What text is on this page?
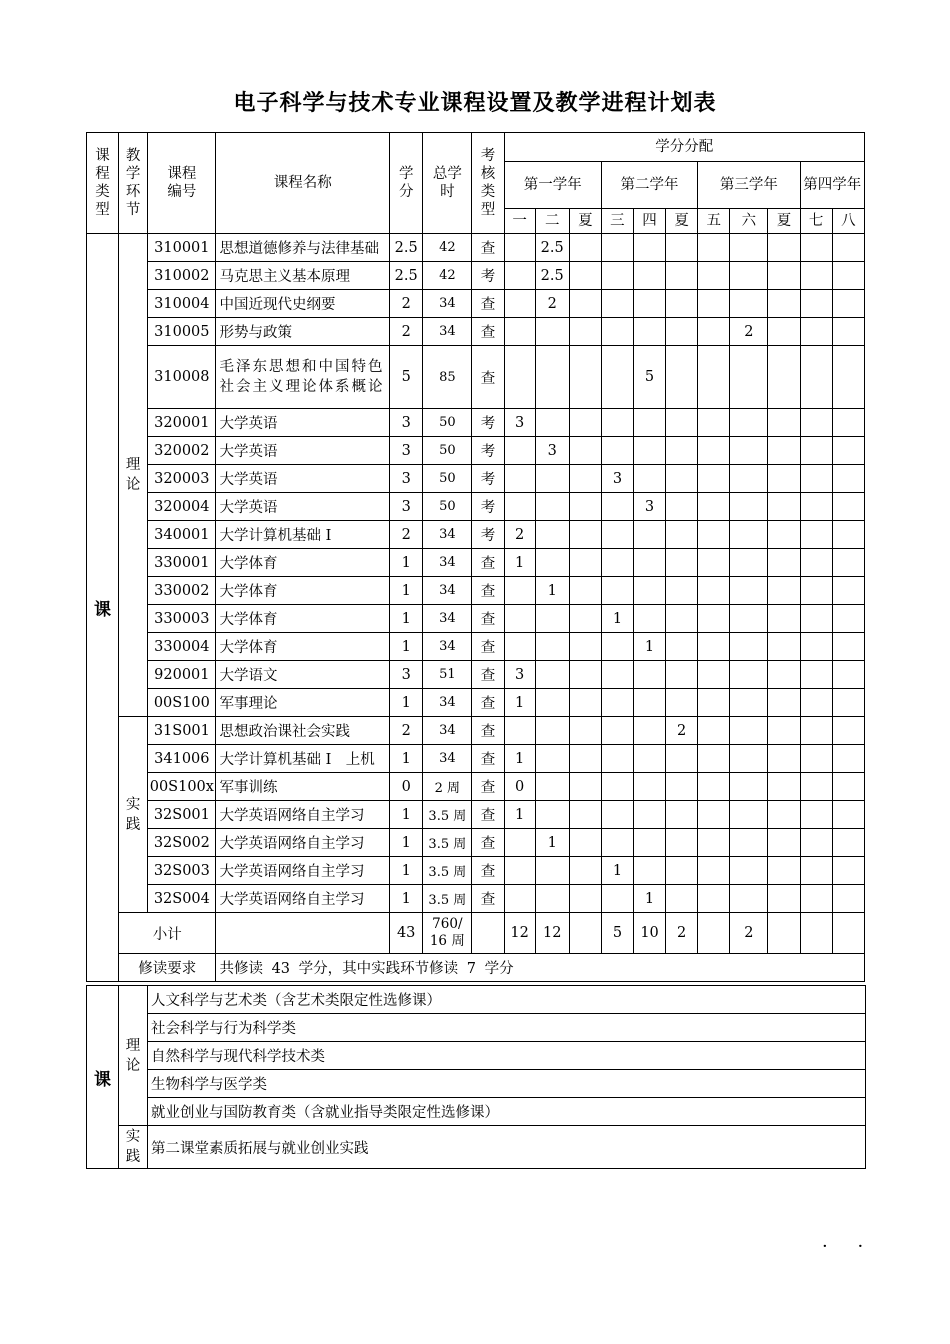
电子科学与技术专业课程设置及教学进程计划表
课程类型	教学环节	课程编号	课程名称	学分	总学时	考核类型	学分分配										
							第一学年			第二学年			第三学年			第四学年	
							一	二	夏	三	四	夏	五	六	夏	七	八
课	理论	310001	思想道德修养与法律基础	2.5	42	查		2.5									
		310002	马克思主义基本原理	2.5	42	考		2.5									
		310004	中国近现代史纲要	2	34	查		2									
		310005	形势与政策	2	34	查								2			
		310008	毛泽东思想和中国特色社会主义理论体系概论	5	85	查					5						
		320001	大学英语	3	50	考	3										
		320002	大学英语	3	50	考		3									
		320003	大学英语	3	50	考				3							
		320004	大学英语	3	50	考					3						
		340001	大学计算机基础 I	2	34	考	2										
		330001	大学体育	1	34	查	1										
		330002	大学体育	1	34	查		1									
		330003	大学体育	1	34	查				1							
		330004	大学体育	1	34	查					1						
		920001	大学语文	3	51	查	3										
		00S100	军事理论	1	34	查	1										
	实践	31S001	思想政治课社会实践	2	34	查						2					
		341006	大学计算机基础 I　上机	1	34	查	1										
		00S100x	军事训练	0	2 周	查	0										
		32S001	大学英语网络自主学习	1	3.5 周	查	1										
		32S002	大学英语网络自主学习	1	3.5 周	查		1									
		32S003	大学英语网络自主学习	1	3.5 周	查				1							
		32S004	大学英语网络自主学习	1	3.5 周	查					1						
	小计			43	760/ 16 周		12	12		5	10	2		2			
	修读要求		共修读 43 学分，其中实践环节修读 7 学分														
课	理论	人文科学与艺术类（含艺术类限定性选修课）
		社会科学与行为科学类
		自然科学与现代科学技术类
		生物科学与医学类
		就业创业与国防教育类（含就业指导类限定性选修课）
	实践	第二课堂素质拓展与就业创业实践
· ·
